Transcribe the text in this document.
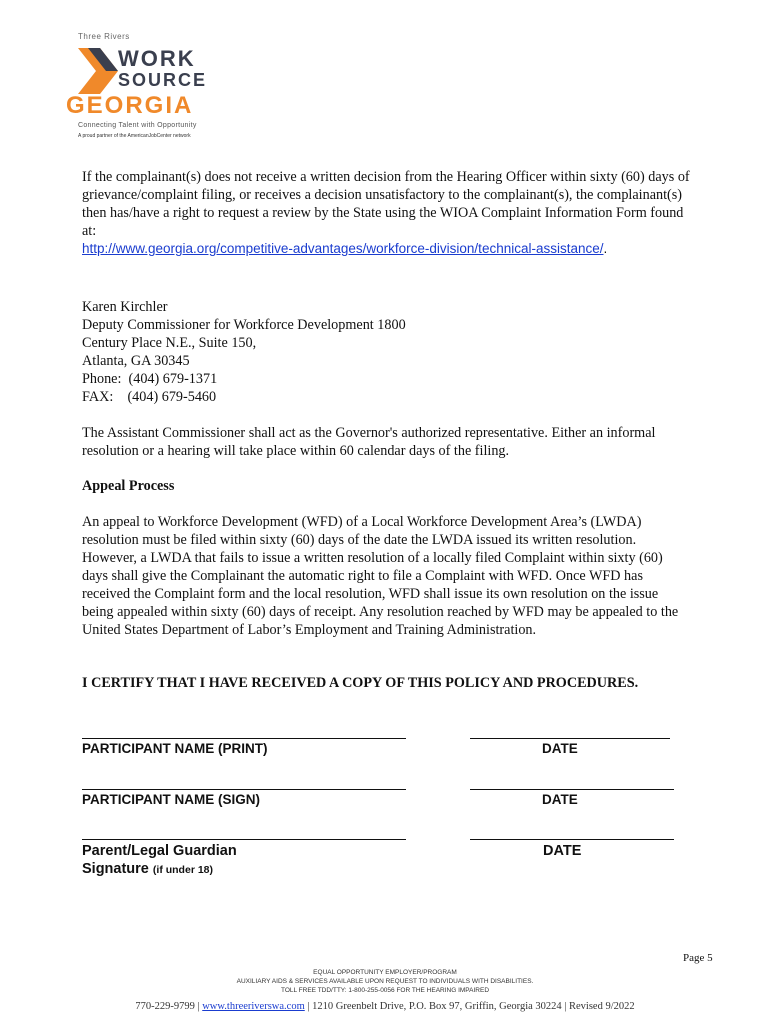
Three Rivers
WORK
SOURCE
GEORGIA
Connecting Talent with Opportunity
A proud partner of the AmericanJobCenter network
If the complainant(s) does not receive a written decision from the Hearing Officer within sixty (60) days of
grievance/complaint filing, or receives a decision unsatisfactory to the complainant(s), the complainant(s)
then has/have a right to request a review by the State using the WIOA Complaint Information Form found
at:
http://www.georgia.org/competitive-advantages/workforce-division/technical-assistance/.
Karen Kirchler
Deputy Commissioner for Workforce Development 1800
Century Place N.E., Suite 150,
Atlanta, GA 30345
Phone:  (404) 679-1371
FAX:    (404) 679-5460
The Assistant Commissioner shall act as the Governor's authorized representative. Either an informal
resolution or a hearing will take place within 60 calendar days of the filing.
Appeal Process
An appeal to Workforce Development (WFD) of a Local Workforce Development Area’s (LWDA)
resolution must be filed within sixty (60) days of the date the LWDA issued its written resolution.
However, a LWDA that fails to issue a written resolution of a locally filed Complaint within sixty (60)
days shall give the Complainant the automatic right to file a Complaint with WFD. Once WFD has
received the Complaint form and the local resolution, WFD shall issue its own resolution on the issue
being appealed within sixty (60) days of receipt. Any resolution reached by WFD may be appealed to the
United States Department of Labor’s Employment and Training Administration.
I CERTIFY THAT I HAVE RECEIVED A COPY OF THIS POLICY AND PROCEDURES.
PARTICIPANT NAME (PRINT)	DATE
PARTICIPANT NAME (SIGN)	DATE
Parent/Legal Guardian
Signature (if under 18)
DATE
Page 5
EQUAL OPPORTUNITY EMPLOYER/PROGRAM
AUXILIARY AIDS & SERVICES AVAILABLE UPON REQUEST TO INDIVIDUALS WITH DISABILITIES.
TOLL FREE TDD/TTY: 1-800-255-0056 FOR THE HEARING IMPAIRED
770-229-9799 | www.threeriverswa.com | 1210 Greenbelt Drive, P.O. Box 97, Griffin, Georgia 30224 | Revised 9/2022
